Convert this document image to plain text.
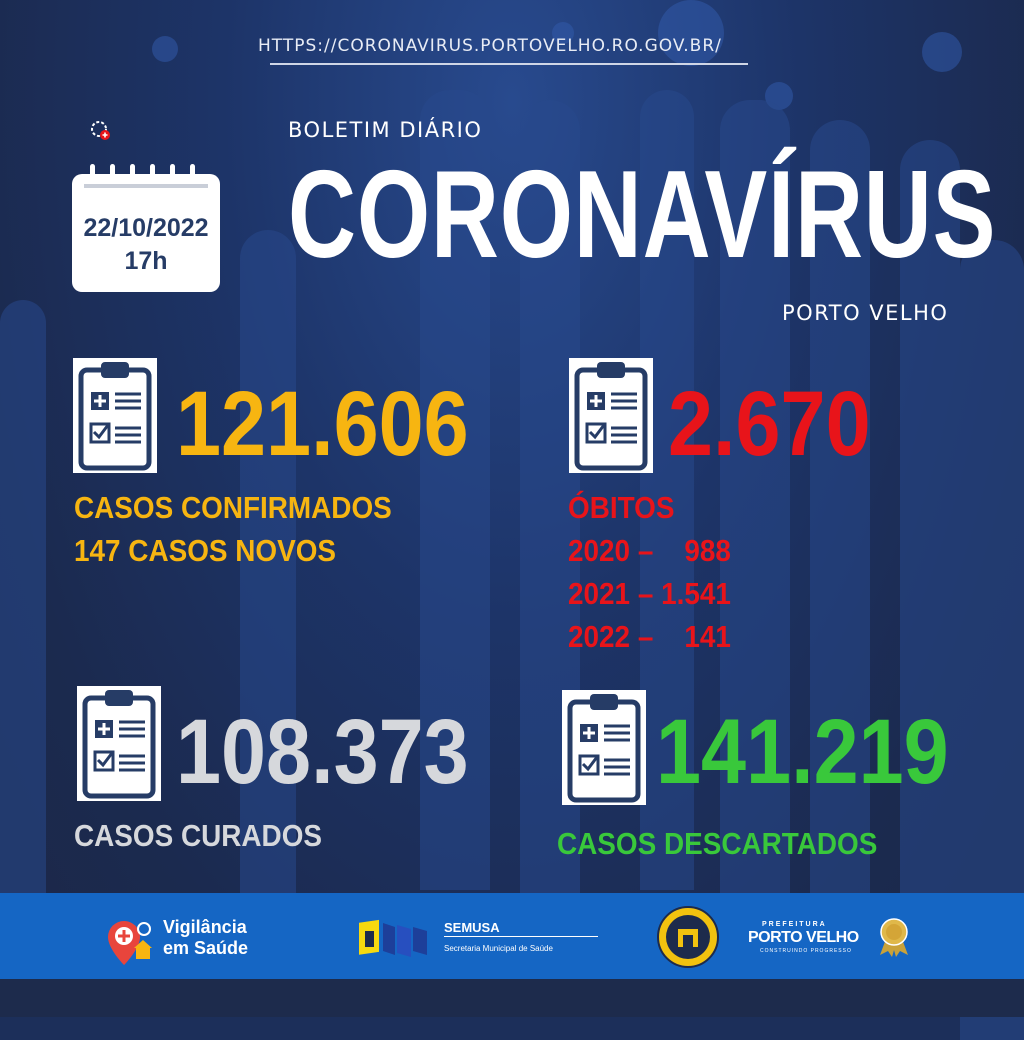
HTTPS://CORONAVIRUS.PORTOVELHO.RO.GOV.BR/
22/10/2022
17h
BOLETIM DIÁRIO
CORONAVÍRUS
PORTO VELHO
121.606
CASOS CONFIRMADOS
147 CASOS NOVOS
2.670
ÓBITOS
2020 –    988
2021 – 1.541
2022 –    141
108.373
CASOS CURADOS
141.219
CASOS DESCARTADOS
Vigilância
em Saúde
SEMUSA
Secretaria Municipal de Saúde
PREFEITURA
PORTO VELHO
CONSTRUINDO PROGRESSO
